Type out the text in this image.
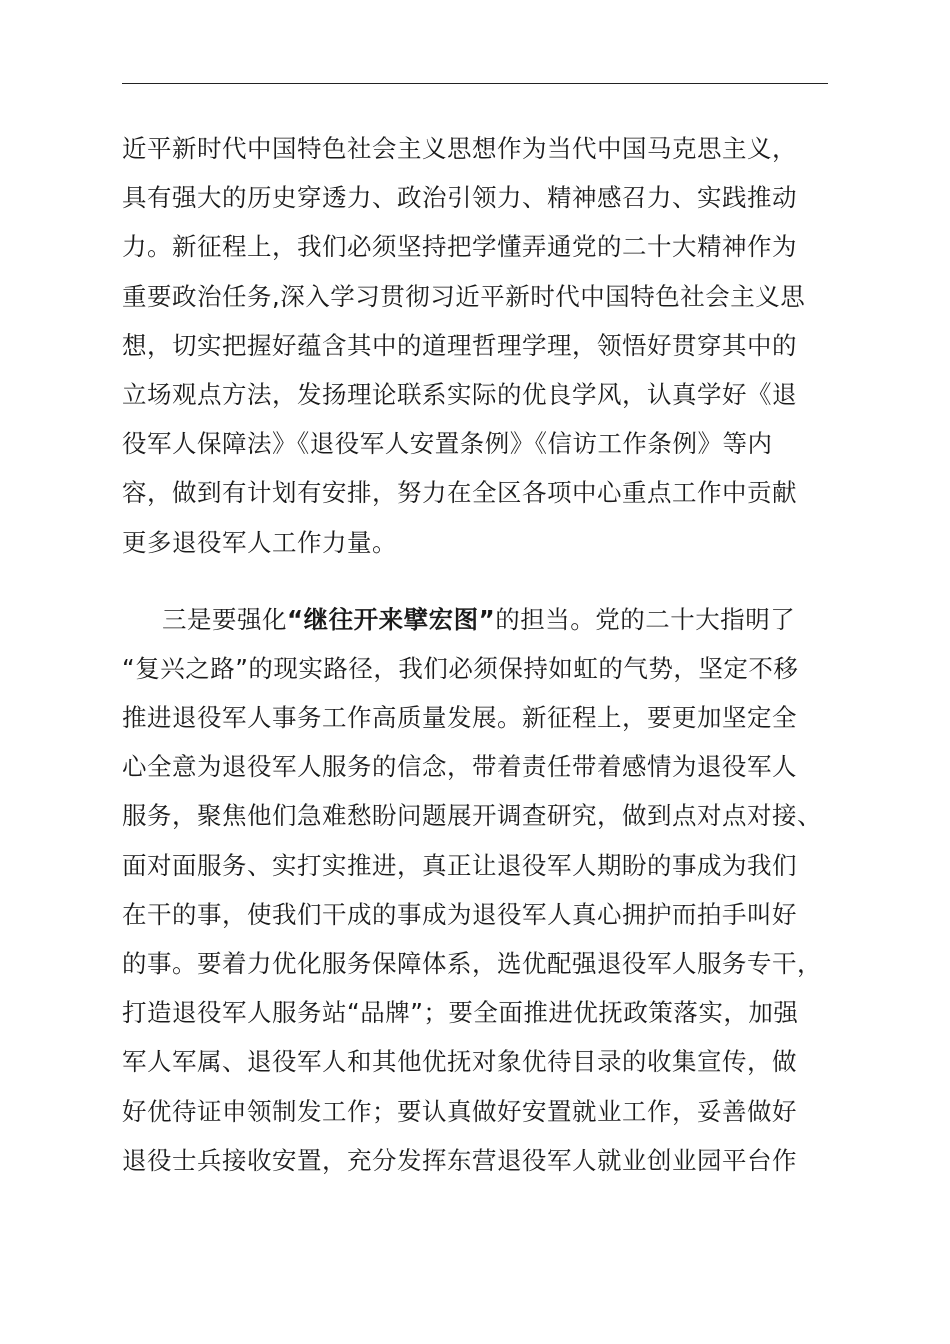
近平新时代中国特色社会主义思想作为当代中国马克思主义，
具有强大的历史穿透力、政治引领力、精神感召力、实践推动
力。新征程上，我们必须坚持把学懂弄通党的二十大精神作为
重要政治任务,深入学习贯彻习近平新时代中国特色社会主义思
想，切实把握好蕴含其中的道理哲理学理，领悟好贯穿其中的
立场观点方法，发扬理论联系实际的优良学风，认真学好《退
役军人保障法》《退役军人安置条例》《信访工作条例》等内
容，做到有计划有安排，努力在全区各项中心重点工作中贡献
更多退役军人工作力量。
三是要强化“继往开来擘宏图”的担当。党的二十大指明了
“复兴之路”的现实路径，我们必须保持如虹的气势，坚定不移
推进退役军人事务工作高质量发展。新征程上，要更加坚定全
心全意为退役军人服务的信念，带着责任带着感情为退役军人
服务，聚焦他们急难愁盼问题展开调查研究，做到点对点对接、
面对面服务、实打实推进，真正让退役军人期盼的事成为我们
在干的事，使我们干成的事成为退役军人真心拥护而拍手叫好
的事。要着力优化服务保障体系，选优配强退役军人服务专干，
打造退役军人服务站“品牌”；要全面推进优抚政策落实，加强
军人军属、退役军人和其他优抚对象优待目录的收集宣传，做
好优待证申领制发工作；要认真做好安置就业工作，妥善做好
退役士兵接收安置，充分发挥东营退役军人就业创业园平台作
